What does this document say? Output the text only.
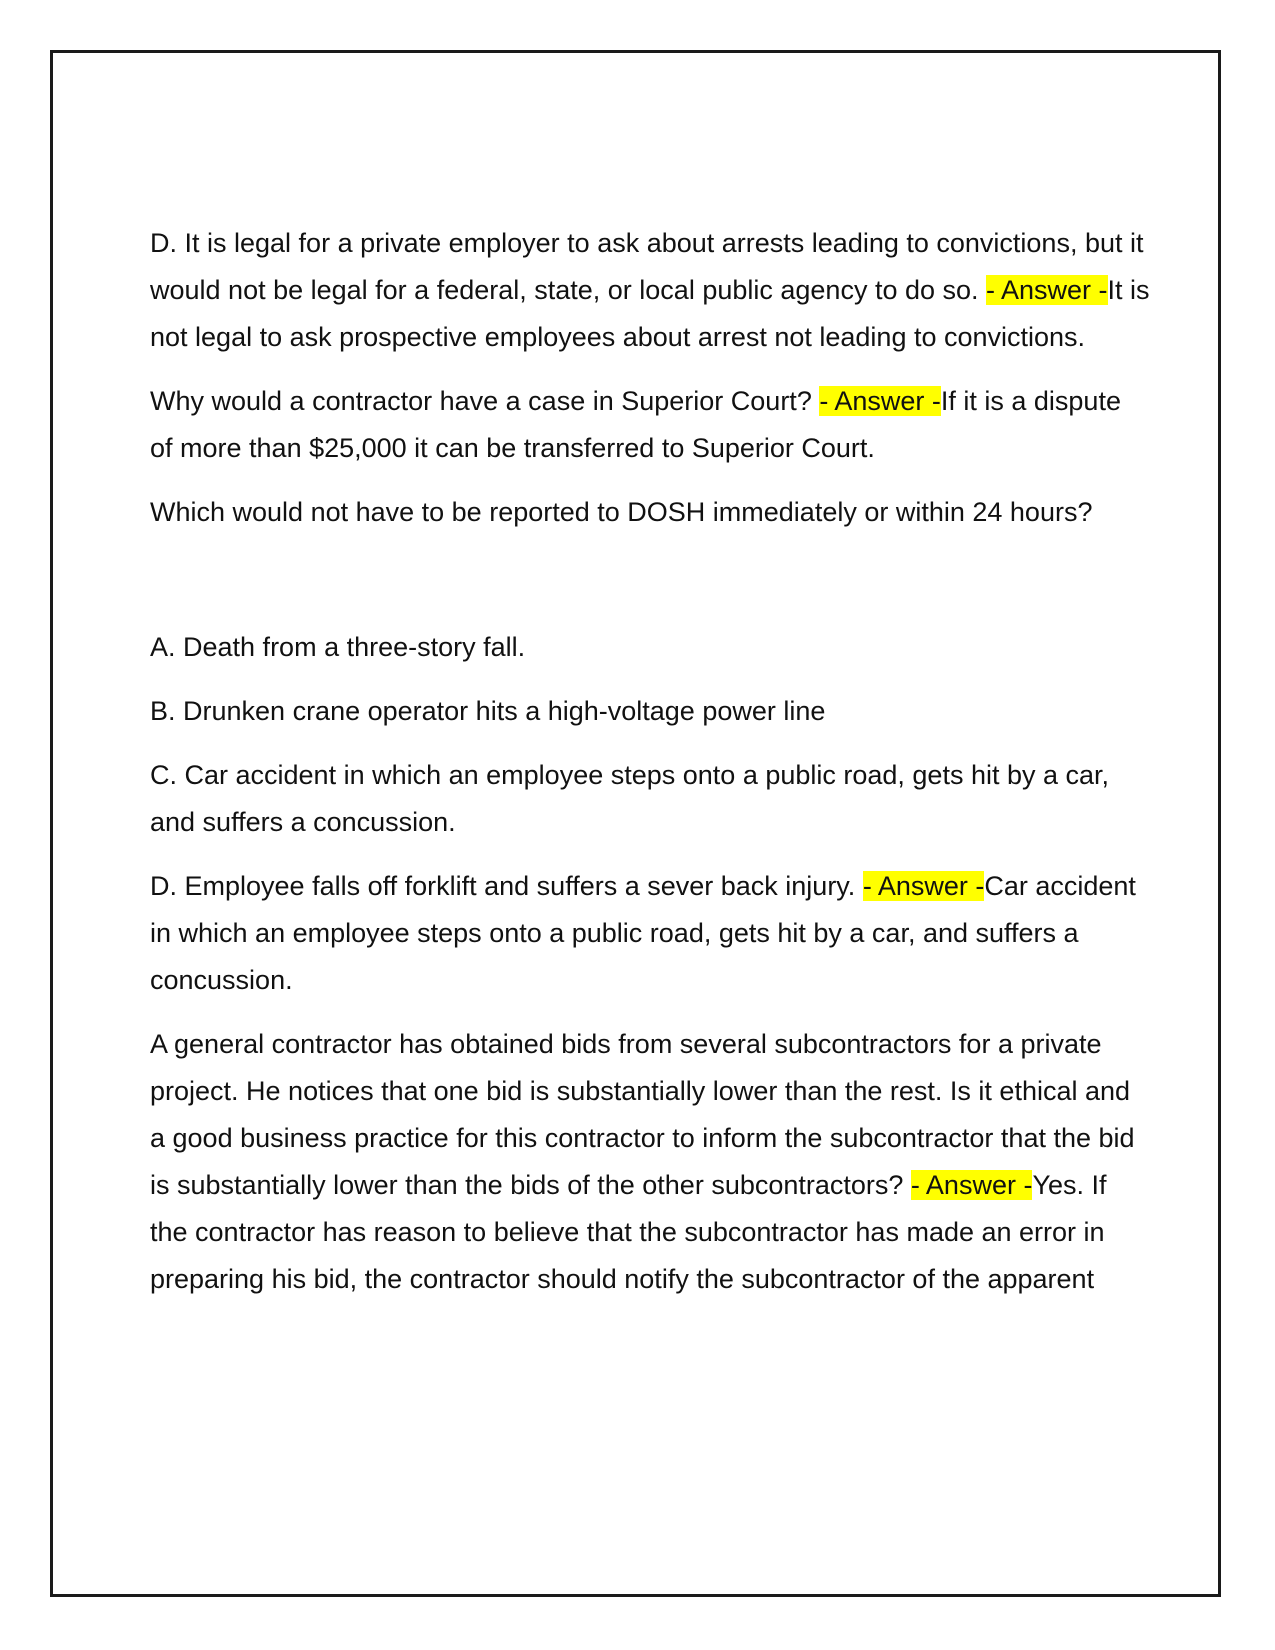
D. It is legal for a private employer to ask about arrests leading to convictions, but it would not be legal for a federal, state, or local public agency to do so. - Answer -It is not legal to ask prospective employees about arrest not leading to convictions.

Why would a contractor have a case in Superior Court? - Answer -If it is a dispute of more than $25,000 it can be transferred to Superior Court.

Which would not have to be reported to DOSH immediately or within 24 hours?

A. Death from a three-story fall.

B. Drunken crane operator hits a high-voltage power line

C. Car accident in which an employee steps onto a public road, gets hit by a car, and suffers a concussion.

D. Employee falls off forklift and suffers a sever back injury. - Answer -Car accident in which an employee steps onto a public road, gets hit by a car, and suffers a concussion.

A general contractor has obtained bids from several subcontractors for a private project. He notices that one bid is substantially lower than the rest. Is it ethical and a good business practice for this contractor to inform the subcontractor that the bid is substantially lower than the bids of the other subcontractors? - Answer -Yes. If the contractor has reason to believe that the subcontractor has made an error in preparing his bid, the contractor should notify the subcontractor of the apparent
